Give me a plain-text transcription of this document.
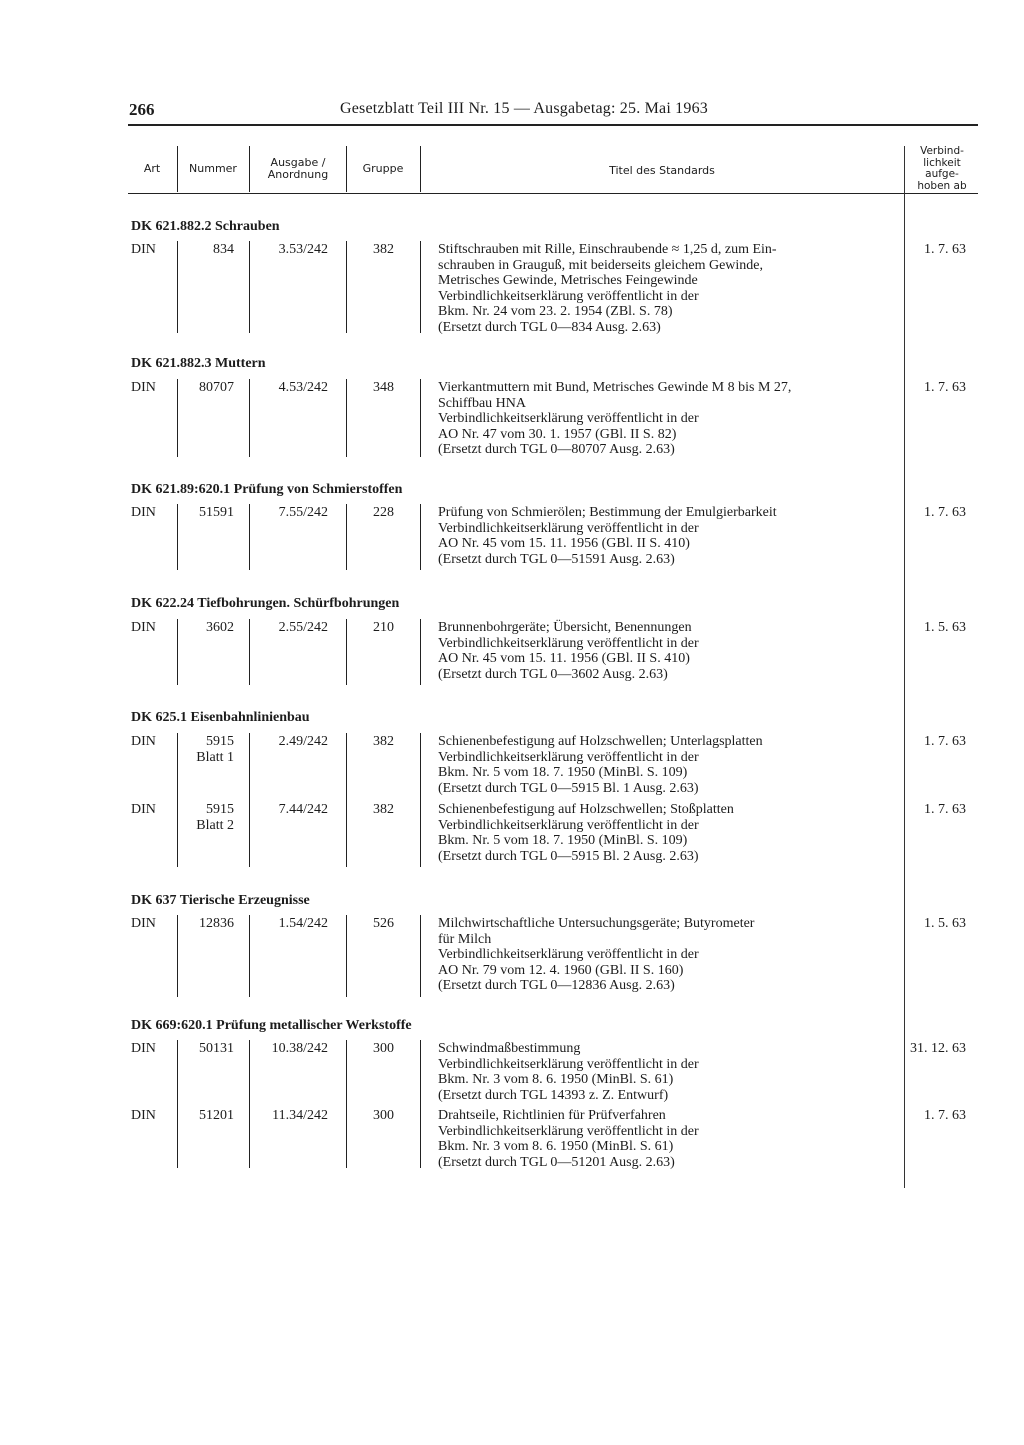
266	Gesetzblatt Teil III Nr. 15 — Ausgabetag: 25. Mai 1963
Art	Nummer	Ausgabe /
Anordnung	Gruppe	Titel des Standards
Verbind-
lichkeit
aufge-
hoben ab
DK 621.882.2 Schrauben
DIN	834	3.53/242	382	Stiftschrauben mit Rille, Einschraubende ≈ 1,25 d, zum Ein-
schrauben in Grauguß, mit beiderseits gleichem Gewinde,
Metrisches Gewinde, Metrisches Feingewinde
Verbindlichkeitserklärung veröffentlicht in der
Bkm. Nr. 24 vom 23. 2. 1954 (ZBl. S. 78)
(Ersetzt durch TGL 0—834 Ausg. 2.63)
1. 7. 63
DK 621.882.3 Muttern
DIN	80707	4.53/242	348	Vierkantmuttern mit Bund, Metrisches Gewinde M 8 bis M 27,
Schiffbau HNA
Verbindlichkeitserklärung veröffentlicht in der
AO Nr. 47 vom 30. 1. 1957 (GBl. II S. 82)
(Ersetzt durch TGL 0—80707 Ausg. 2.63)
1. 7. 63
DK 621.89:620.1 Prüfung von Schmierstoffen
DIN	51591	7.55/242	228	Prüfung von Schmierölen; Bestimmung der Emulgierbarkeit
Verbindlichkeitserklärung veröffentlicht in der
AO Nr. 45 vom 15. 11. 1956 (GBl. II S. 410)
(Ersetzt durch TGL 0—51591 Ausg. 2.63)
1. 7. 63
DK 622.24 Tiefbohrungen. Schürfbohrungen
DIN	3602	2.55/242	210	Brunnenbohrgeräte; Übersicht, Benennungen
Verbindlichkeitserklärung veröffentlicht in der
AO Nr. 45 vom 15. 11. 1956 (GBl. II S. 410)
(Ersetzt durch TGL 0—3602 Ausg. 2.63)
1. 5. 63
DK 625.1 Eisenbahnlinienbau
DIN	5915
Blatt 1
2.49/242	382	Schienenbefestigung auf Holzschwellen; Unterlagsplatten
Verbindlichkeitserklärung veröffentlicht in der
Bkm. Nr. 5 vom 18. 7. 1950 (MinBl. S. 109)
(Ersetzt durch TGL 0—5915 Bl. 1 Ausg. 2.63)
1. 7. 63
DIN	5915
Blatt 2
7.44/242	382	Schienenbefestigung auf Holzschwellen; Stoßplatten
Verbindlichkeitserklärung veröffentlicht in der
Bkm. Nr. 5 vom 18. 7. 1950 (MinBl. S. 109)
(Ersetzt durch TGL 0—5915 Bl. 2 Ausg. 2.63)
1. 7. 63
DK 637 Tierische Erzeugnisse
DIN	12836	1.54/242	526	Milchwirtschaftliche Untersuchungsgeräte; Butyrometer
für Milch
Verbindlichkeitserklärung veröffentlicht in der
AO Nr. 79 vom 12. 4. 1960 (GBl. II S. 160)
(Ersetzt durch TGL 0—12836 Ausg. 2.63)
1. 5. 63
DK 669:620.1 Prüfung metallischer Werkstoffe
DIN	50131	10.38/242	300	Schwindmaßbestimmung
Verbindlichkeitserklärung veröffentlicht in der
Bkm. Nr. 3 vom 8. 6. 1950 (MinBl. S. 61)
(Ersetzt durch TGL 14393 z. Z. Entwurf)
31. 12. 63
DIN	51201	11.34/242	300	Drahtseile, Richtlinien für Prüfverfahren
Verbindlichkeitserklärung veröffentlicht in der
Bkm. Nr. 3 vom 8. 6. 1950 (MinBl. S. 61)
(Ersetzt durch TGL 0—51201 Ausg. 2.63)
1. 7. 63
